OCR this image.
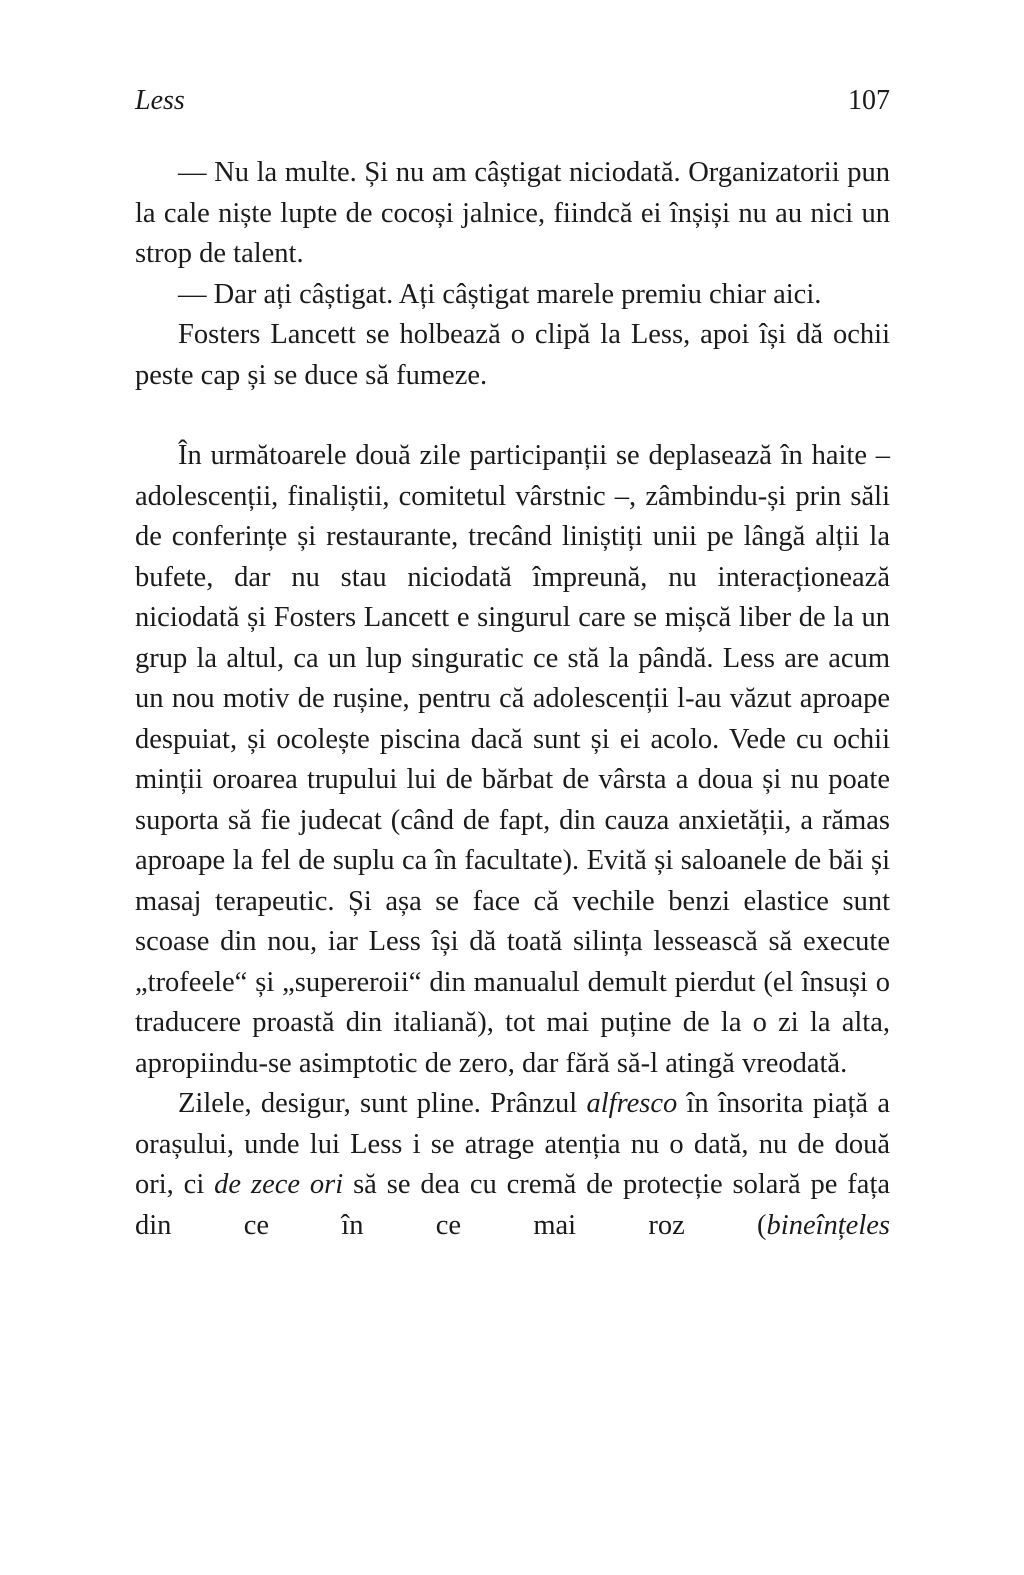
Less	107

— Nu la multe. Și nu am câștigat niciodată. Organizatorii pun la cale niște lupte de cocoși jalnice, fiindcă ei înșiși nu au nici un strop de talent.

— Dar ați câștigat. Ați câștigat marele premiu chiar aici.

Fosters Lancett se holbează o clipă la Less, apoi își dă ochii peste cap și se duce să fumeze.

În următoarele două zile participanții se deplasează în haite – adolescenții, finaliștii, comitetul vârstnic –, zâmbindu-și prin săli de conferințe și restaurante, trecând liniștiți unii pe lângă alții la bufete, dar nu stau niciodată împreună, nu interacționează niciodată și Fosters Lancett e singurul care se mișcă liber de la un grup la altul, ca un lup singuratic ce stă la pândă. Less are acum un nou motiv de rușine, pentru că adolescenții l-au văzut aproape despuiat, și ocolește piscina dacă sunt și ei acolo. Vede cu ochii minții oroarea trupului lui de bărbat de vârsta a doua și nu poate suporta să fie judecat (când de fapt, din cauza anxietății, a rămas aproape la fel de suplu ca în facultate). Evită și saloanele de băi și masaj terapeutic. Și așa se face că vechile benzi elastice sunt scoase din nou, iar Less își dă toată silința lessească să execute „trofeele“ și „supereroii“ din manualul demult pierdut (el însuși o traducere proastă din italiană), tot mai puține de la o zi la alta, apropiindu-se asimptotic de zero, dar fără să-l atingă vreodată.

Zilele, desigur, sunt pline. Prânzul alfresco în însorita piață a orașului, unde lui Less i se atrage atenția nu o dată, nu de două ori, ci de zece ori să se dea cu cremă de protecție solară pe fața din ce în ce mai roz (bineînțeles
